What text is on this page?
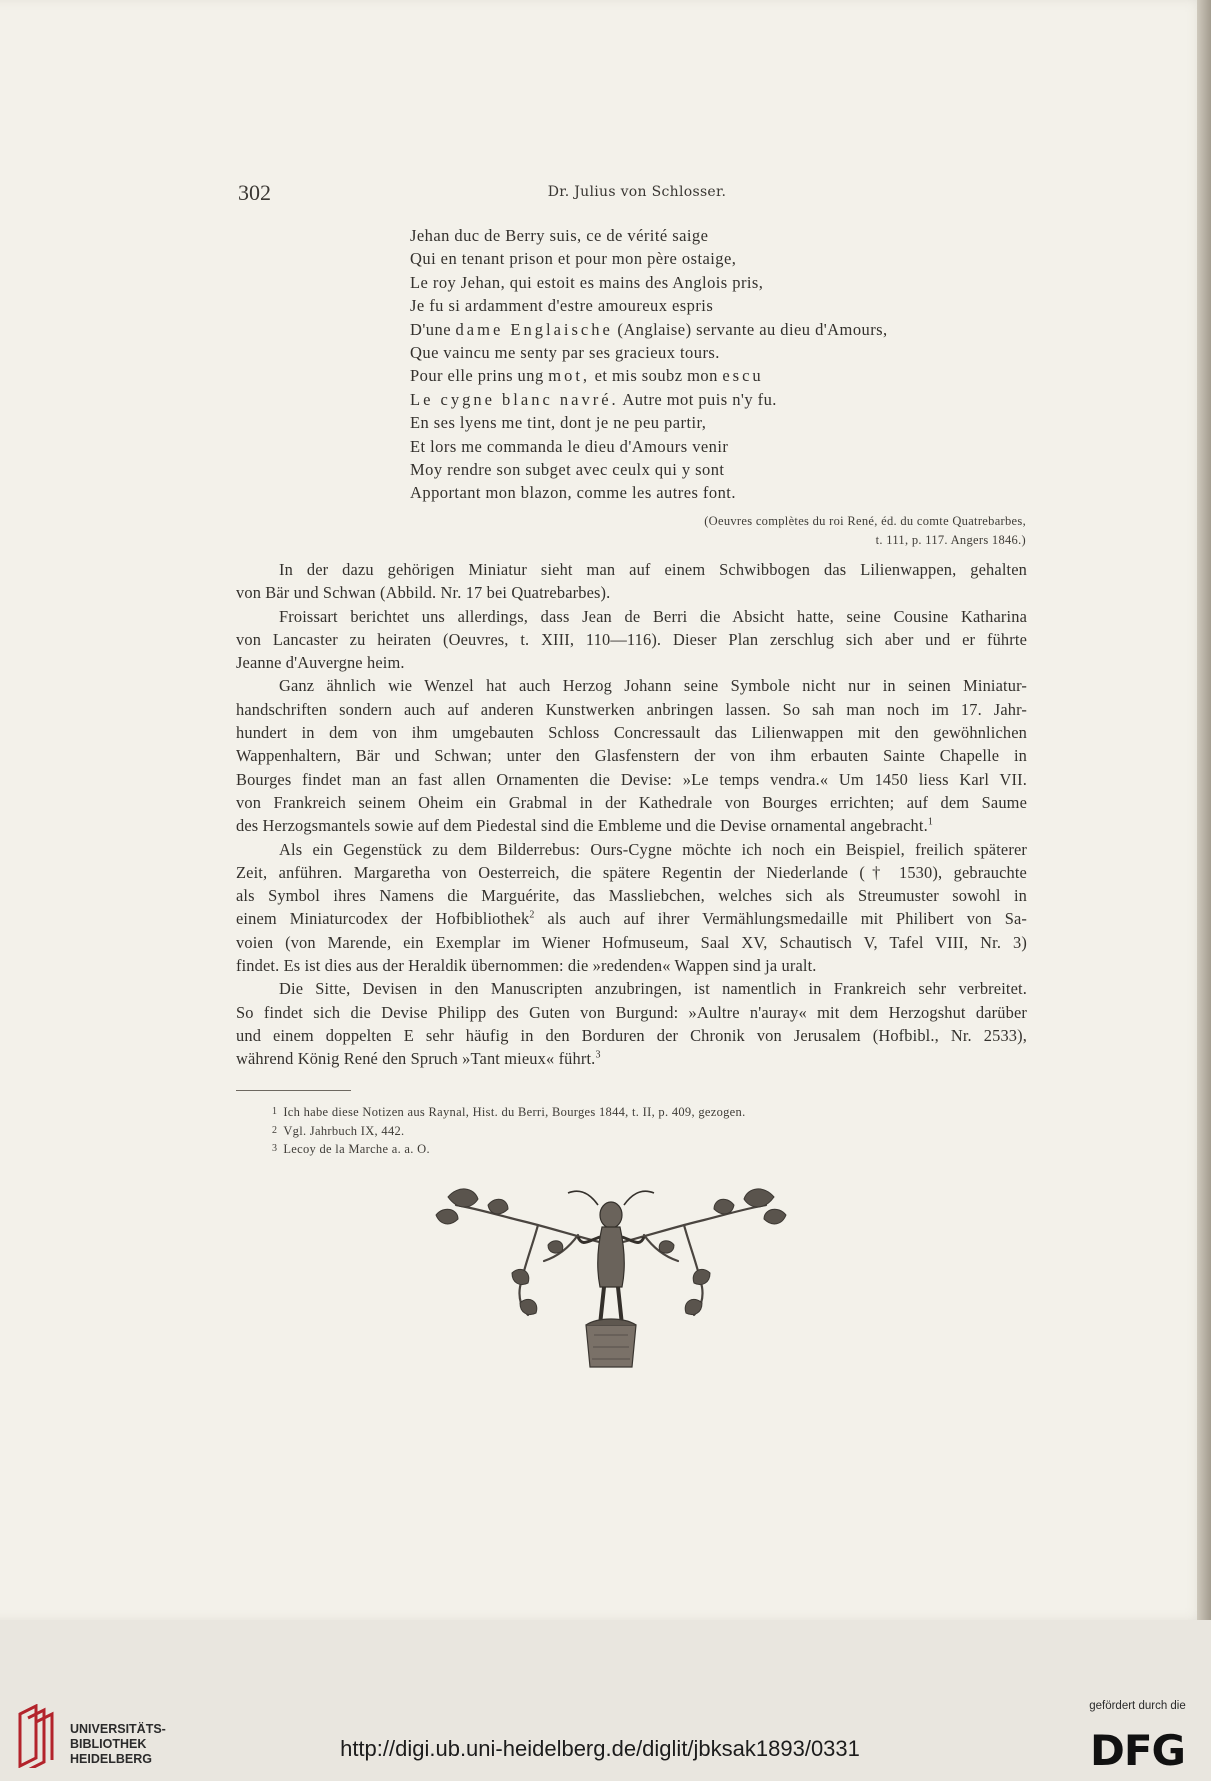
302	Dr. Julius von Schlosser.
Jehan duc de Berry suis, ce de vérité saige
Qui en tenant prison et pour mon père ostaige,
Le roy Jehan, qui estoit es mains des Anglois pris,
Je fu si ardamment d'estre amoureux espris
D'une dame Englaische (Anglaise) servante au dieu d'Amours,
Que vaincu me senty par ses gracieux tours.
Pour elle prins ung mot, et mis soubz mon escu
Le cygne blanc navré. Autre mot puis n'y fu.
En ses lyens me tint, dont je ne peu partir,
Et lors me commanda le dieu d'Amours venir
Moy rendre son subget avec ceulx qui y sont
Apportant mon blazon, comme les autres font.
(Oeuvres complètes du roi René, éd. du comte Quatrebarbes,
t. 111, p. 117. Angers 1846.)
In der dazu gehörigen Miniatur sieht man auf einem Schwibbogen das Lilienwappen, gehalten
von Bär und Schwan (Abbild. Nr. 17 bei Quatrebarbes).
Froissart berichtet uns allerdings, dass Jean de Berri die Absicht hatte, seine Cousine Katharina
von Lancaster zu heiraten (Oeuvres, t. XIII, 110—116). Dieser Plan zerschlug sich aber und er führte
Jeanne d'Auvergne heim.
Ganz ähnlich wie Wenzel hat auch Herzog Johann seine Symbole nicht nur in seinen Miniatur-
handschriften sondern auch auf anderen Kunstwerken anbringen lassen. So sah man noch im 17. Jahr-
hundert in dem von ihm umgebauten Schloss Concressault das Lilienwappen mit den gewöhnlichen
Wappenhaltern, Bär und Schwan; unter den Glasfenstern der von ihm erbauten Sainte Chapelle in
Bourges findet man an fast allen Ornamenten die Devise: »Le temps vendra.« Um 1450 liess Karl VII.
von Frankreich seinem Oheim ein Grabmal in der Kathedrale von Bourges errichten; auf dem Saume
des Herzogsmantels sowie auf dem Piedestal sind die Embleme und die Devise ornamental angebracht.$^1$
Als ein Gegenstück zu dem Bilderrebus: Ours-Cygne möchte ich noch ein Beispiel, freilich späterer
Zeit, anführen. Margaretha von Oesterreich, die spätere Regentin der Niederlande († 1530), gebrauchte
als Symbol ihres Namens die Marguérite, das Massliebchen, welches sich als Streumuster sowohl in
einem Miniaturcodex der Hofbibliothek$^2$ als auch auf ihrer Vermählungsmedaille mit Philibert von Sa-
voien (von Marende, ein Exemplar im Wiener Hofmuseum, Saal XV, Schautisch V, Tafel VIII, Nr. 3)
findet. Es ist dies aus der Heraldik übernommen: die »redenden« Wappen sind ja uralt.
Die Sitte, Devisen in den Manuscripten anzubringen, ist namentlich in Frankreich sehr verbreitet.
So findet sich die Devise Philipp des Guten von Burgund: »Aultre n'auray« mit dem Herzogshut darüber
und einem doppelten E sehr häufig in den Borduren der Chronik von Jerusalem (Hofbibl., Nr. 2533),
während König René den Spruch »Tant mieux« führt.$^3$
1 Ich habe diese Notizen aus Raynal, Hist. du Berri, Bourges 1844, t. II, p. 409, gezogen.
2 Vgl. Jahrbuch IX, 442.
3 Lecoy de la Marche a. a. O.
UNIVERSITÄTS-
BIBLIOTHEK
HEIDELBERG	http://digi.ub.uni-heidelberg.de/diglit/jbksak1893/0331
gefördert durch die
DFG
